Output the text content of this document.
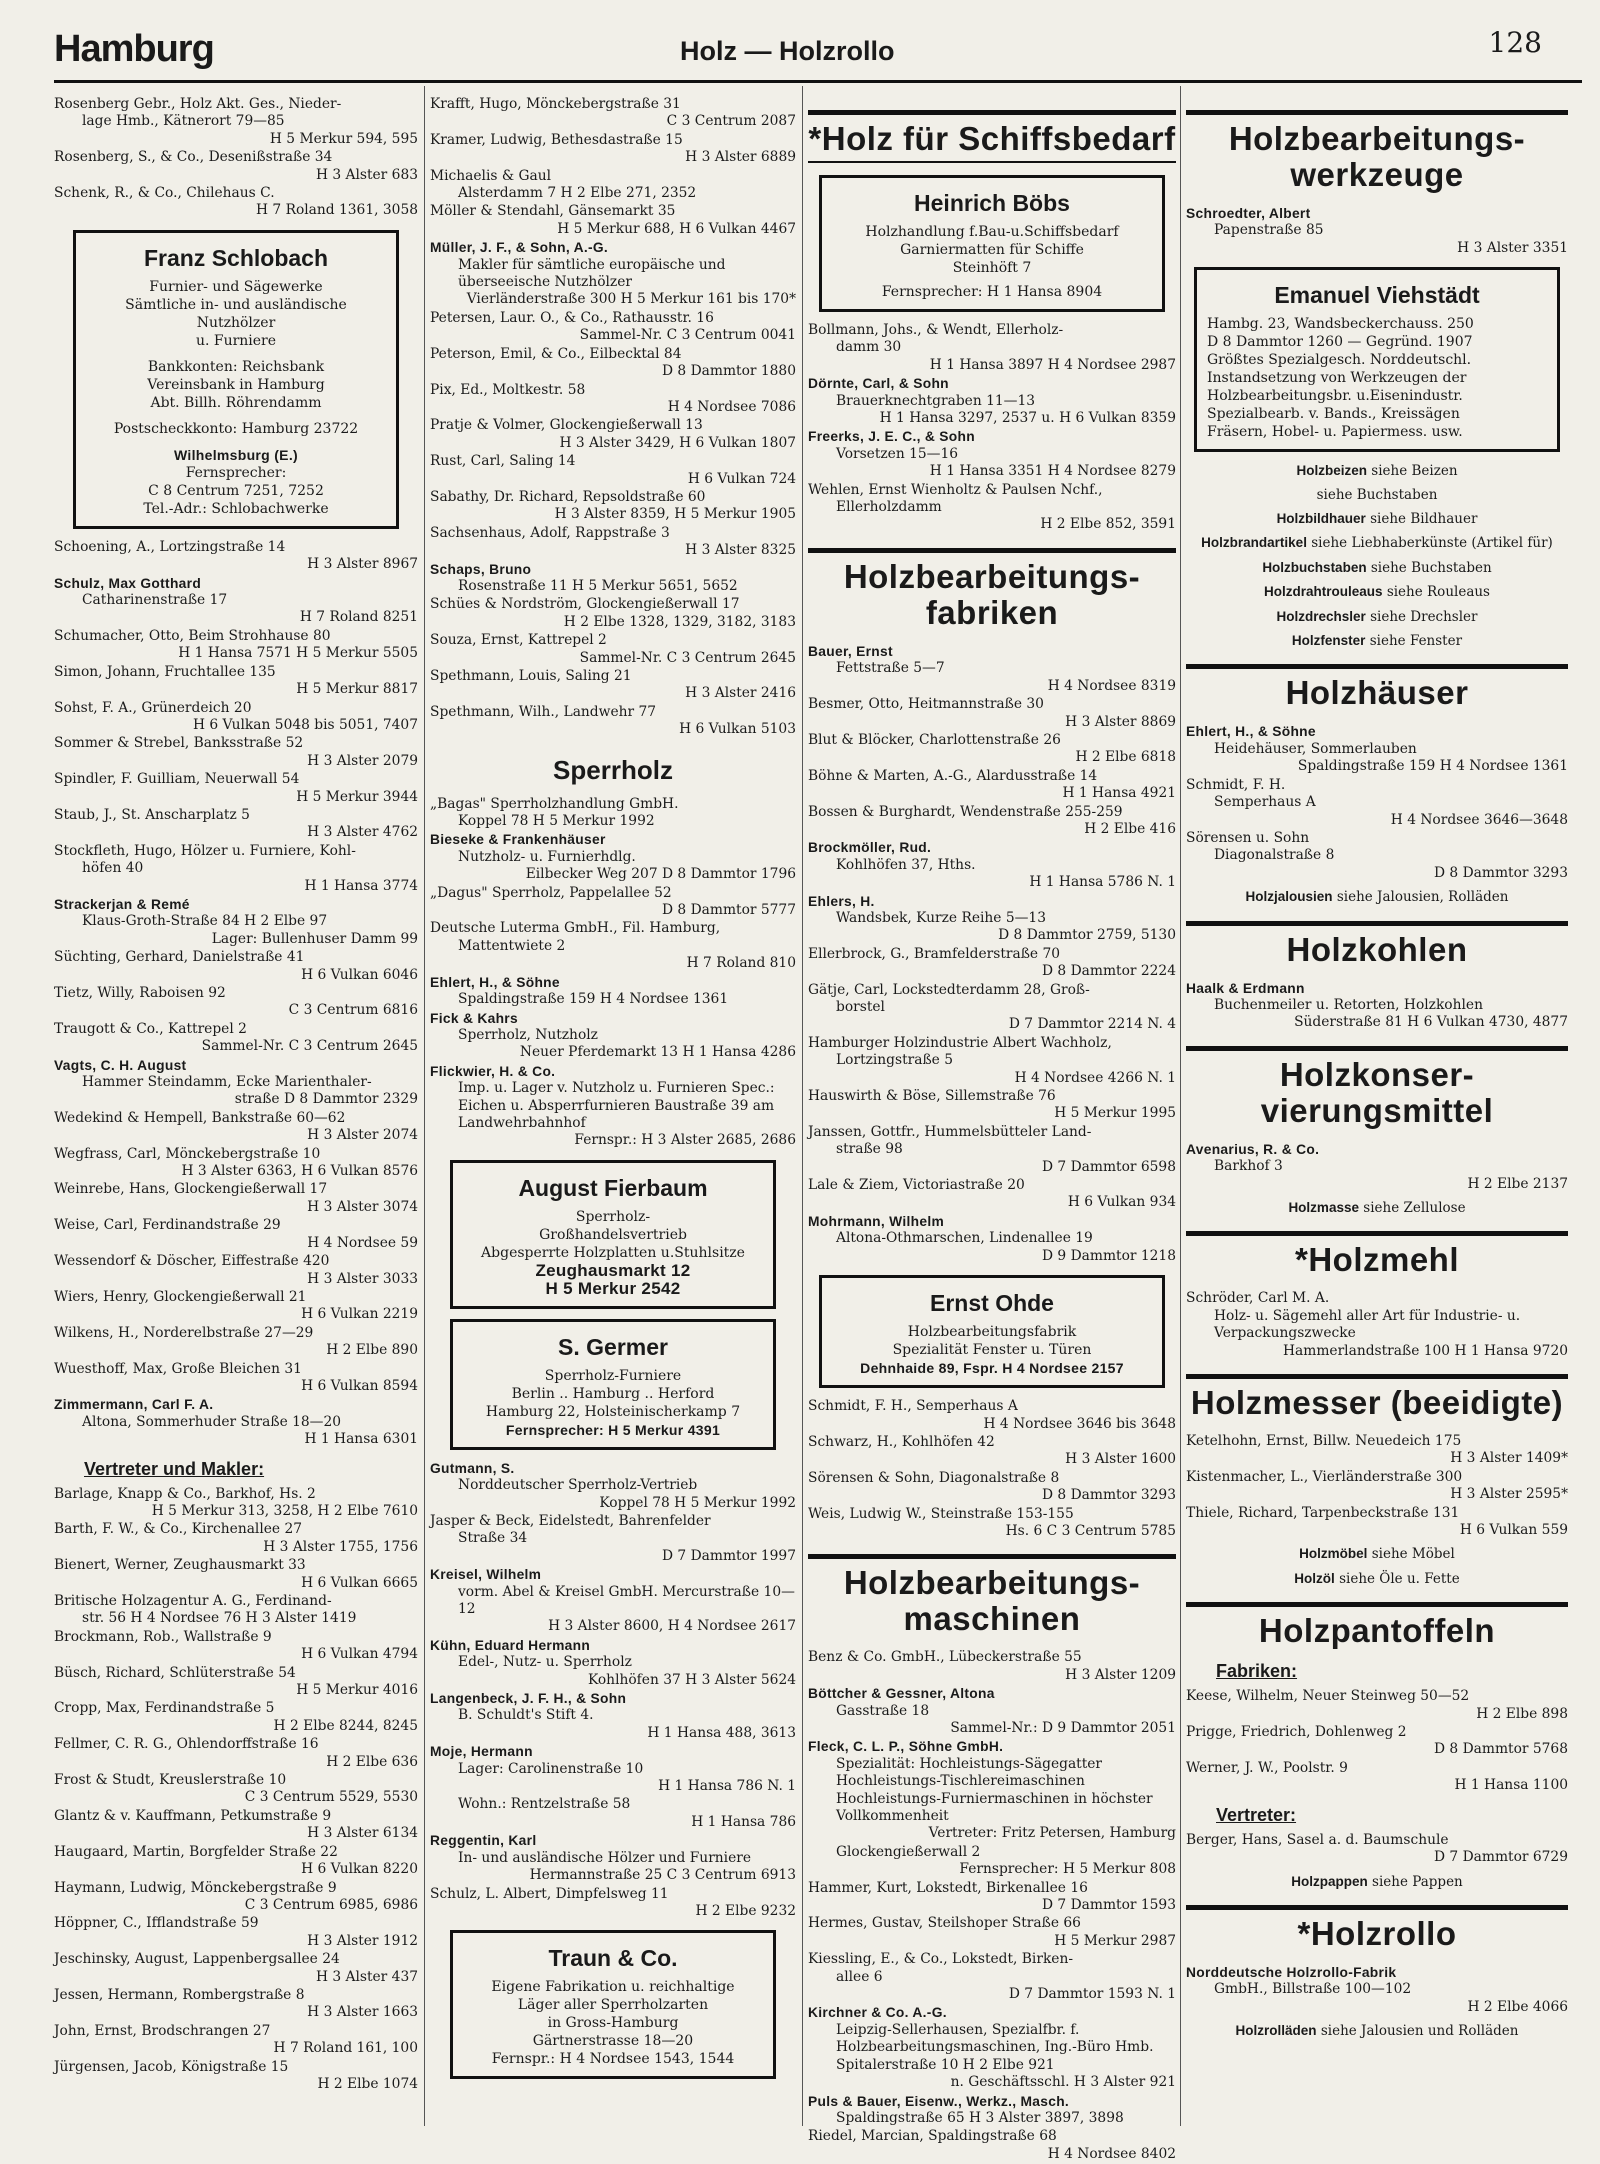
Hamburg	Holz — Holzrollo	128
Rosenberg Gebr., Holz Akt. Ges., Nieder-
lage Hmb., Kätnerort 79—85
H 5 Merkur 594, 595
Rosenberg, S., & Co., Desenißstraße 34
H 3 Alster 683
Schenk, R., & Co., Chilehaus C.
H 7 Roland 1361, 3058
Franz Schlobach
Furnier- und Sägewerke
Sämtliche in- und ausländische
Nutzhölzer
u. Furniere
Bankkonten: Reichsbank
Vereinsbank in Hamburg
Abt. Billh. Röhrendamm
Postscheckkonto: Hamburg 23722
Wilhelmsburg (E.)
Fernsprecher:
C 8 Centrum 7251, 7252
Tel.-Adr.: Schlobachwerke
Schoening, A., Lortzingstraße 14
H 3 Alster 8967
Schulz, Max Gotthard
Catharinenstraße 17
H 7 Roland 8251
Schumacher, Otto, Beim Strohhause 80
H 1 Hansa 7571 H 5 Merkur 5505
Simon, Johann, Fruchtallee 135
H 5 Merkur 8817
Sohst, F. A., Grünerdeich 20
H 6 Vulkan 5048 bis 5051, 7407
Sommer & Strebel, Banksstraße 52
H 3 Alster 2079
Spindler, F. Guilliam, Neuerwall 54
H 5 Merkur 3944
Staub, J., St. Anscharplatz 5
H 3 Alster 4762
Stockfleth, Hugo, Hölzer u. Furniere, Kohl-
höfen 40
H 1 Hansa 3774
Strackerjan & Remé
Klaus-Groth-Straße 84 H 2 Elbe 97
Lager: Bullenhuser Damm 99
Süchting, Gerhard, Danielstraße 41
H 6 Vulkan 6046
Tietz, Willy, Raboisen 92
C 3 Centrum 6816
Traugott & Co., Kattrepel 2
Sammel-Nr. C 3 Centrum 2645
Vagts, C. H. August
Hammer Steindamm, Ecke Marienthaler-
straße D 8 Dammtor 2329
Wedekind & Hempell, Bankstraße 60—62
H 3 Alster 2074
Wegfrass, Carl, Mönckebergstraße 10
H 3 Alster 6363, H 6 Vulkan 8576
Weinrebe, Hans, Glockengießerwall 17
H 3 Alster 3074
Weise, Carl, Ferdinandstraße 29
H 4 Nordsee 59
Wessendorf & Döscher, Eiffestraße 420
H 3 Alster 3033
Wiers, Henry, Glockengießerwall 21
H 6 Vulkan 2219
Wilkens, H., Norderelbstraße 27—29
H 2 Elbe 890
Wuesthoff, Max, Große Bleichen 31
H 6 Vulkan 8594
Zimmermann, Carl F. A.
Altona, Sommerhuder Straße 18—20
H 1 Hansa 6301
Vertreter und Makler:
Barlage, Knapp & Co., Barkhof, Hs. 2
H 5 Merkur 313, 3258, H 2 Elbe 7610
Barth, F. W., & Co., Kirchenallee 27
H 3 Alster 1755, 1756
Bienert, Werner, Zeughausmarkt 33
H 6 Vulkan 6665
Britische Holzagentur A. G., Ferdinand-
str. 56 H 4 Nordsee 76 H 3 Alster 1419
Brockmann, Rob., Wallstraße 9
H 6 Vulkan 4794
Büsch, Richard, Schlüterstraße 54
H 5 Merkur 4016
Cropp, Max, Ferdinandstraße 5
H 2 Elbe 8244, 8245
Fellmer, C. R. G., Ohlendorffstraße 16
H 2 Elbe 636
Frost & Studt, Kreuslerstraße 10
C 3 Centrum 5529, 5530
Glantz & v. Kauffmann, Petkumstraße 9
H 3 Alster 6134
Haugaard, Martin, Borgfelder Straße 22
H 6 Vulkan 8220
Haymann, Ludwig, Mönckebergstraße 9
C 3 Centrum 6985, 6986
Höppner, C., Ifflandstraße 59
H 3 Alster 1912
Jeschinsky, August, Lappenbergsallee 24
H 3 Alster 437
Jessen, Hermann, Rombergstraße 8
H 3 Alster 1663
John, Ernst, Brodschrangen 27
H 7 Roland 161, 100
Jürgensen, Jacob, Königstraße 15
H 2 Elbe 1074
Krafft, Hugo, Mönckebergstraße 31
C 3 Centrum 2087
Kramer, Ludwig, Bethesdastraße 15
H 3 Alster 6889
Michaelis & Gaul
Alsterdamm 7 H 2 Elbe 271, 2352
Möller & Stendahl, Gänsemarkt 35
H 5 Merkur 688, H 6 Vulkan 4467
Müller, J. F., & Sohn, A.-G.
Makler für sämtliche europäische und überseeische Nutzhölzer
Vierländerstraße 300 H 5 Merkur 161 bis 170*
Petersen, Laur. O., & Co., Rathausstr. 16
Sammel-Nr. C 3 Centrum 0041
Peterson, Emil, & Co., Eilbecktal 84
D 8 Dammtor 1880
Pix, Ed., Moltkestr. 58
H 4 Nordsee 7086
Pratje & Volmer, Glockengießerwall 13
H 3 Alster 3429, H 6 Vulkan 1807
Rust, Carl, Saling 14
H 6 Vulkan 724
Sabathy, Dr. Richard, Repsoldstraße 60
H 3 Alster 8359, H 5 Merkur 1905
Sachsenhaus, Adolf, Rappstraße 3
H 3 Alster 8325
Schaps, Bruno
Rosenstraße 11 H 5 Merkur 5651, 5652
Schües & Nordström, Glockengießerwall 17
H 2 Elbe 1328, 1329, 3182, 3183
Souza, Ernst, Kattrepel 2
Sammel-Nr. C 3 Centrum 2645
Spethmann, Louis, Saling 21
H 3 Alster 2416
Spethmann, Wilh., Landwehr 77
H 6 Vulkan 5103
Sperrholz
„Bagas" Sperrholzhandlung GmbH.
Koppel 78 H 5 Merkur 1992
Bieseke & Frankenhäuser
Nutzholz- u. Furnierhdlg.
Eilbecker Weg 207 D 8 Dammtor 1796
„Dagus" Sperrholz, Pappelallee 52
D 8 Dammtor 5777
Deutsche Luterma GmbH., Fil. Hamburg,
Mattentwiete 2
H 7 Roland 810
Ehlert, H., & Söhne
Spaldingstraße 159 H 4 Nordsee 1361
Fick & Kahrs
Sperrholz, Nutzholz
Neuer Pferdemarkt 13 H 1 Hansa 4286
Flickwier, H. & Co.
Imp. u. Lager v. Nutzholz u. Furnieren Spec.: Eichen u. Absperrfurnieren Baustraße 39 am Landwehrbahnhof
Fernspr.: H 3 Alster 2685, 2686
August Fierbaum
Sperrholz-
Großhandelsvertrieb
Abgesperrte Holzplatten u.Stuhlsitze
Zeughausmarkt 12
H 5 Merkur 2542
S. Germer
Sperrholz-Furniere
Berlin .. Hamburg .. Herford
Hamburg 22, Holsteinischerkamp 7
Fernsprecher: H 5 Merkur 4391
Gutmann, S.
Norddeutscher Sperrholz-Vertrieb
Koppel 78 H 5 Merkur 1992
Jasper & Beck, Eidelstedt, Bahrenfelder
Straße 34
D 7 Dammtor 1997
Kreisel, Wilhelm
vorm. Abel & Kreisel GmbH. Mercurstraße 10—12
H 3 Alster 8600, H 4 Nordsee 2617
Kühn, Eduard Hermann
Edel-, Nutz- u. Sperrholz
Kohlhöfen 37 H 3 Alster 5624
Langenbeck, J. F. H., & Sohn
B. Schuldt's Stift 4.
H 1 Hansa 488, 3613
Moje, Hermann
Lager: Carolinenstraße 10
H 1 Hansa 786 N. 1
Wohn.: Rentzelstraße 58
H 1 Hansa 786
Reggentin, Karl
In- und ausländische Hölzer und Furniere
Hermannstraße 25 C 3 Centrum 6913
Schulz, L. Albert, Dimpfelsweg 11
H 2 Elbe 9232
Traun & Co.
Eigene Fabrikation u. reichhaltige
Läger aller Sperrholzarten
in Gross-Hamburg
Gärtnerstrasse 18—20
Fernspr.: H 4 Nordsee 1543, 1544
*Holz für Schiffsbedarf
Heinrich Böbs
Holzhandlung f.Bau-u.Schiffsbedarf
Garniermatten für Schiffe
Steinhöft 7
Fernsprecher: H 1 Hansa 8904
Bollmann, Johs., & Wendt, Ellerholz-
damm 30
H 1 Hansa 3897 H 4 Nordsee 2987
Dörnte, Carl, & Sohn
Brauerknechtgraben 11—13
H 1 Hansa 3297, 2537 u. H 6 Vulkan 8359
Freerks, J. E. C., & Sohn
Vorsetzen 15—16
H 1 Hansa 3351 H 4 Nordsee 8279
Wehlen, Ernst Wienholtz & Paulsen Nchf.,
Ellerholzdamm
H 2 Elbe 852, 3591
Holzbearbeitungs-fabriken
Bauer, Ernst
Fettstraße 5—7
H 4 Nordsee 8319
Besmer, Otto, Heitmannstraße 30
H 3 Alster 8869
Blut & Blöcker, Charlottenstraße 26
H 2 Elbe 6818
Böhne & Marten, A.-G., Alardusstraße 14
H 1 Hansa 4921
Bossen & Burghardt, Wendenstraße 255-259
H 2 Elbe 416
Brockmöller, Rud.
Kohlhöfen 37, Hths.
H 1 Hansa 5786 N. 1
Ehlers, H.
Wandsbek, Kurze Reihe 5—13
D 8 Dammtor 2759, 5130
Ellerbrock, G., Bramfelderstraße 70
D 8 Dammtor 2224
Gätje, Carl, Lockstedterdamm 28, Groß-
borstel
D 7 Dammtor 2214 N. 4
Hamburger Holzindustrie Albert Wachholz,
Lortzingstraße 5
H 4 Nordsee 4266 N. 1
Hauswirth & Böse, Sillemstraße 76
H 5 Merkur 1995
Janssen, Gottfr., Hummelsbütteler Land-
straße 98
D 7 Dammtor 6598
Lale & Ziem, Victoriastraße 20
H 6 Vulkan 934
Mohrmann, Wilhelm
Altona-Othmarschen, Lindenallee 19
D 9 Dammtor 1218
Ernst Ohde
Holzbearbeitungsfabrik
Spezialität Fenster u. Türen
Dehnhaide 89, Fspr. H 4 Nordsee 2157
Schmidt, F. H., Semperhaus A
H 4 Nordsee 3646 bis 3648
Schwarz, H., Kohlhöfen 42
H 3 Alster 1600
Sörensen & Sohn, Diagonalstraße 8
D 8 Dammtor 3293
Weis, Ludwig W., Steinstraße 153-155
Hs. 6 C 3 Centrum 5785
Holzbearbeitungs-maschinen
Benz & Co. GmbH., Lübeckerstraße 55
H 3 Alster 1209
Böttcher & Gessner, Altona
Gasstraße 18
Sammel-Nr.: D 9 Dammtor 2051
Fleck, C. L. P., Söhne GmbH.
Spezialität: Hochleistungs-Sägegatter Hochleistungs-Tischlereimaschinen Hochleistungs-Furniermaschinen in höchster Vollkommenheit
Vertreter: Fritz Petersen, Hamburg
Glockengießerwall 2
Fernsprecher: H 5 Merkur 808
Hammer, Kurt, Lokstedt, Birkenallee 16
D 7 Dammtor 1593
Hermes, Gustav, Steilshoper Straße 66
H 5 Merkur 2987
Kiessling, E., & Co., Lokstedt, Birken-
allee 6
D 7 Dammtor 1593 N. 1
Kirchner & Co. A.-G.
Leipzig-Sellerhausen, Spezialfbr. f. Holzbearbeitungsmaschinen, Ing.-Büro Hmb. Spitalerstraße 10 H 2 Elbe 921
n. Geschäftsschl. H 3 Alster 921
Puls & Bauer, Eisenw., Werkz., Masch.
Spaldingstraße 65 H 3 Alster 3897, 3898
Riedel, Marcian, Spaldingstraße 68
H 4 Nordsee 8402
Holzbearbeitungs-werkzeuge
Schroedter, Albert
Papenstraße 85
H 3 Alster 3351
Emanuel Viehstädt
Hambg. 23, Wandsbeckerchauss. 250
D 8 Dammtor 1260 — Gegründ. 1907
Größtes Spezialgesch. Norddeutschl.
Instandsetzung von Werkzeugen der
Holzbearbeitungsbr. u.Eisenindustr.
Spezialbearb. v. Bands., Kreissägen
Fräsern, Hobel- u. Papiermess. usw.
Holzbeizen siehe Beizen
siehe Buchstaben
Holzbildhauer siehe Bildhauer
Holzbrandartikel siehe Liebhaberkünste (Artikel für)
Holzbuchstaben siehe Buchstaben
Holzdrahtrouleaus siehe Rouleaus
Holzdrechsler siehe Drechsler
Holzfenster siehe Fenster
Holzhäuser
Ehlert, H., & Söhne
Heidehäuser, Sommerlauben
Spaldingstraße 159 H 4 Nordsee 1361
Schmidt, F. H.
Semperhaus A
H 4 Nordsee 3646—3648
Sörensen u. Sohn
Diagonalstraße 8
D 8 Dammtor 3293
Holzjalousien siehe Jalousien, Rolläden
Holzkohlen
Haalk & Erdmann
Buchenmeiler u. Retorten, Holzkohlen
Süderstraße 81 H 6 Vulkan 4730, 4877
Holzkonser-vierungsmittel
Avenarius, R. & Co.
Barkhof 3
H 2 Elbe 2137
Holzmasse siehe Zellulose
*Holzmehl
Schröder, Carl M. A.
Holz- u. Sägemehl aller Art für Industrie- u. Verpackungszwecke
Hammerlandstraße 100 H 1 Hansa 9720
Holzmesser (beeidigte)
Ketelhohn, Ernst, Billw. Neuedeich 175
H 3 Alster 1409*
Kistenmacher, L., Vierländerstraße 300
H 3 Alster 2595*
Thiele, Richard, Tarpenbeckstraße 131
H 6 Vulkan 559
Holzmöbel siehe Möbel
Holzöl siehe Öle u. Fette
Holzpantoffeln
Fabriken:
Keese, Wilhelm, Neuer Steinweg 50—52
H 2 Elbe 898
Prigge, Friedrich, Dohlenweg 2
D 8 Dammtor 5768
Werner, J. W., Poolstr. 9
H 1 Hansa 1100
Vertreter:
Berger, Hans, Sasel a. d. Baumschule
D 7 Dammtor 6729
Holzpappen siehe Pappen
*Holzrollo
Norddeutsche Holzrollo-Fabrik
GmbH., Billstraße 100—102
H 2 Elbe 4066
Holzrolläden siehe Jalousien und Rolläden
